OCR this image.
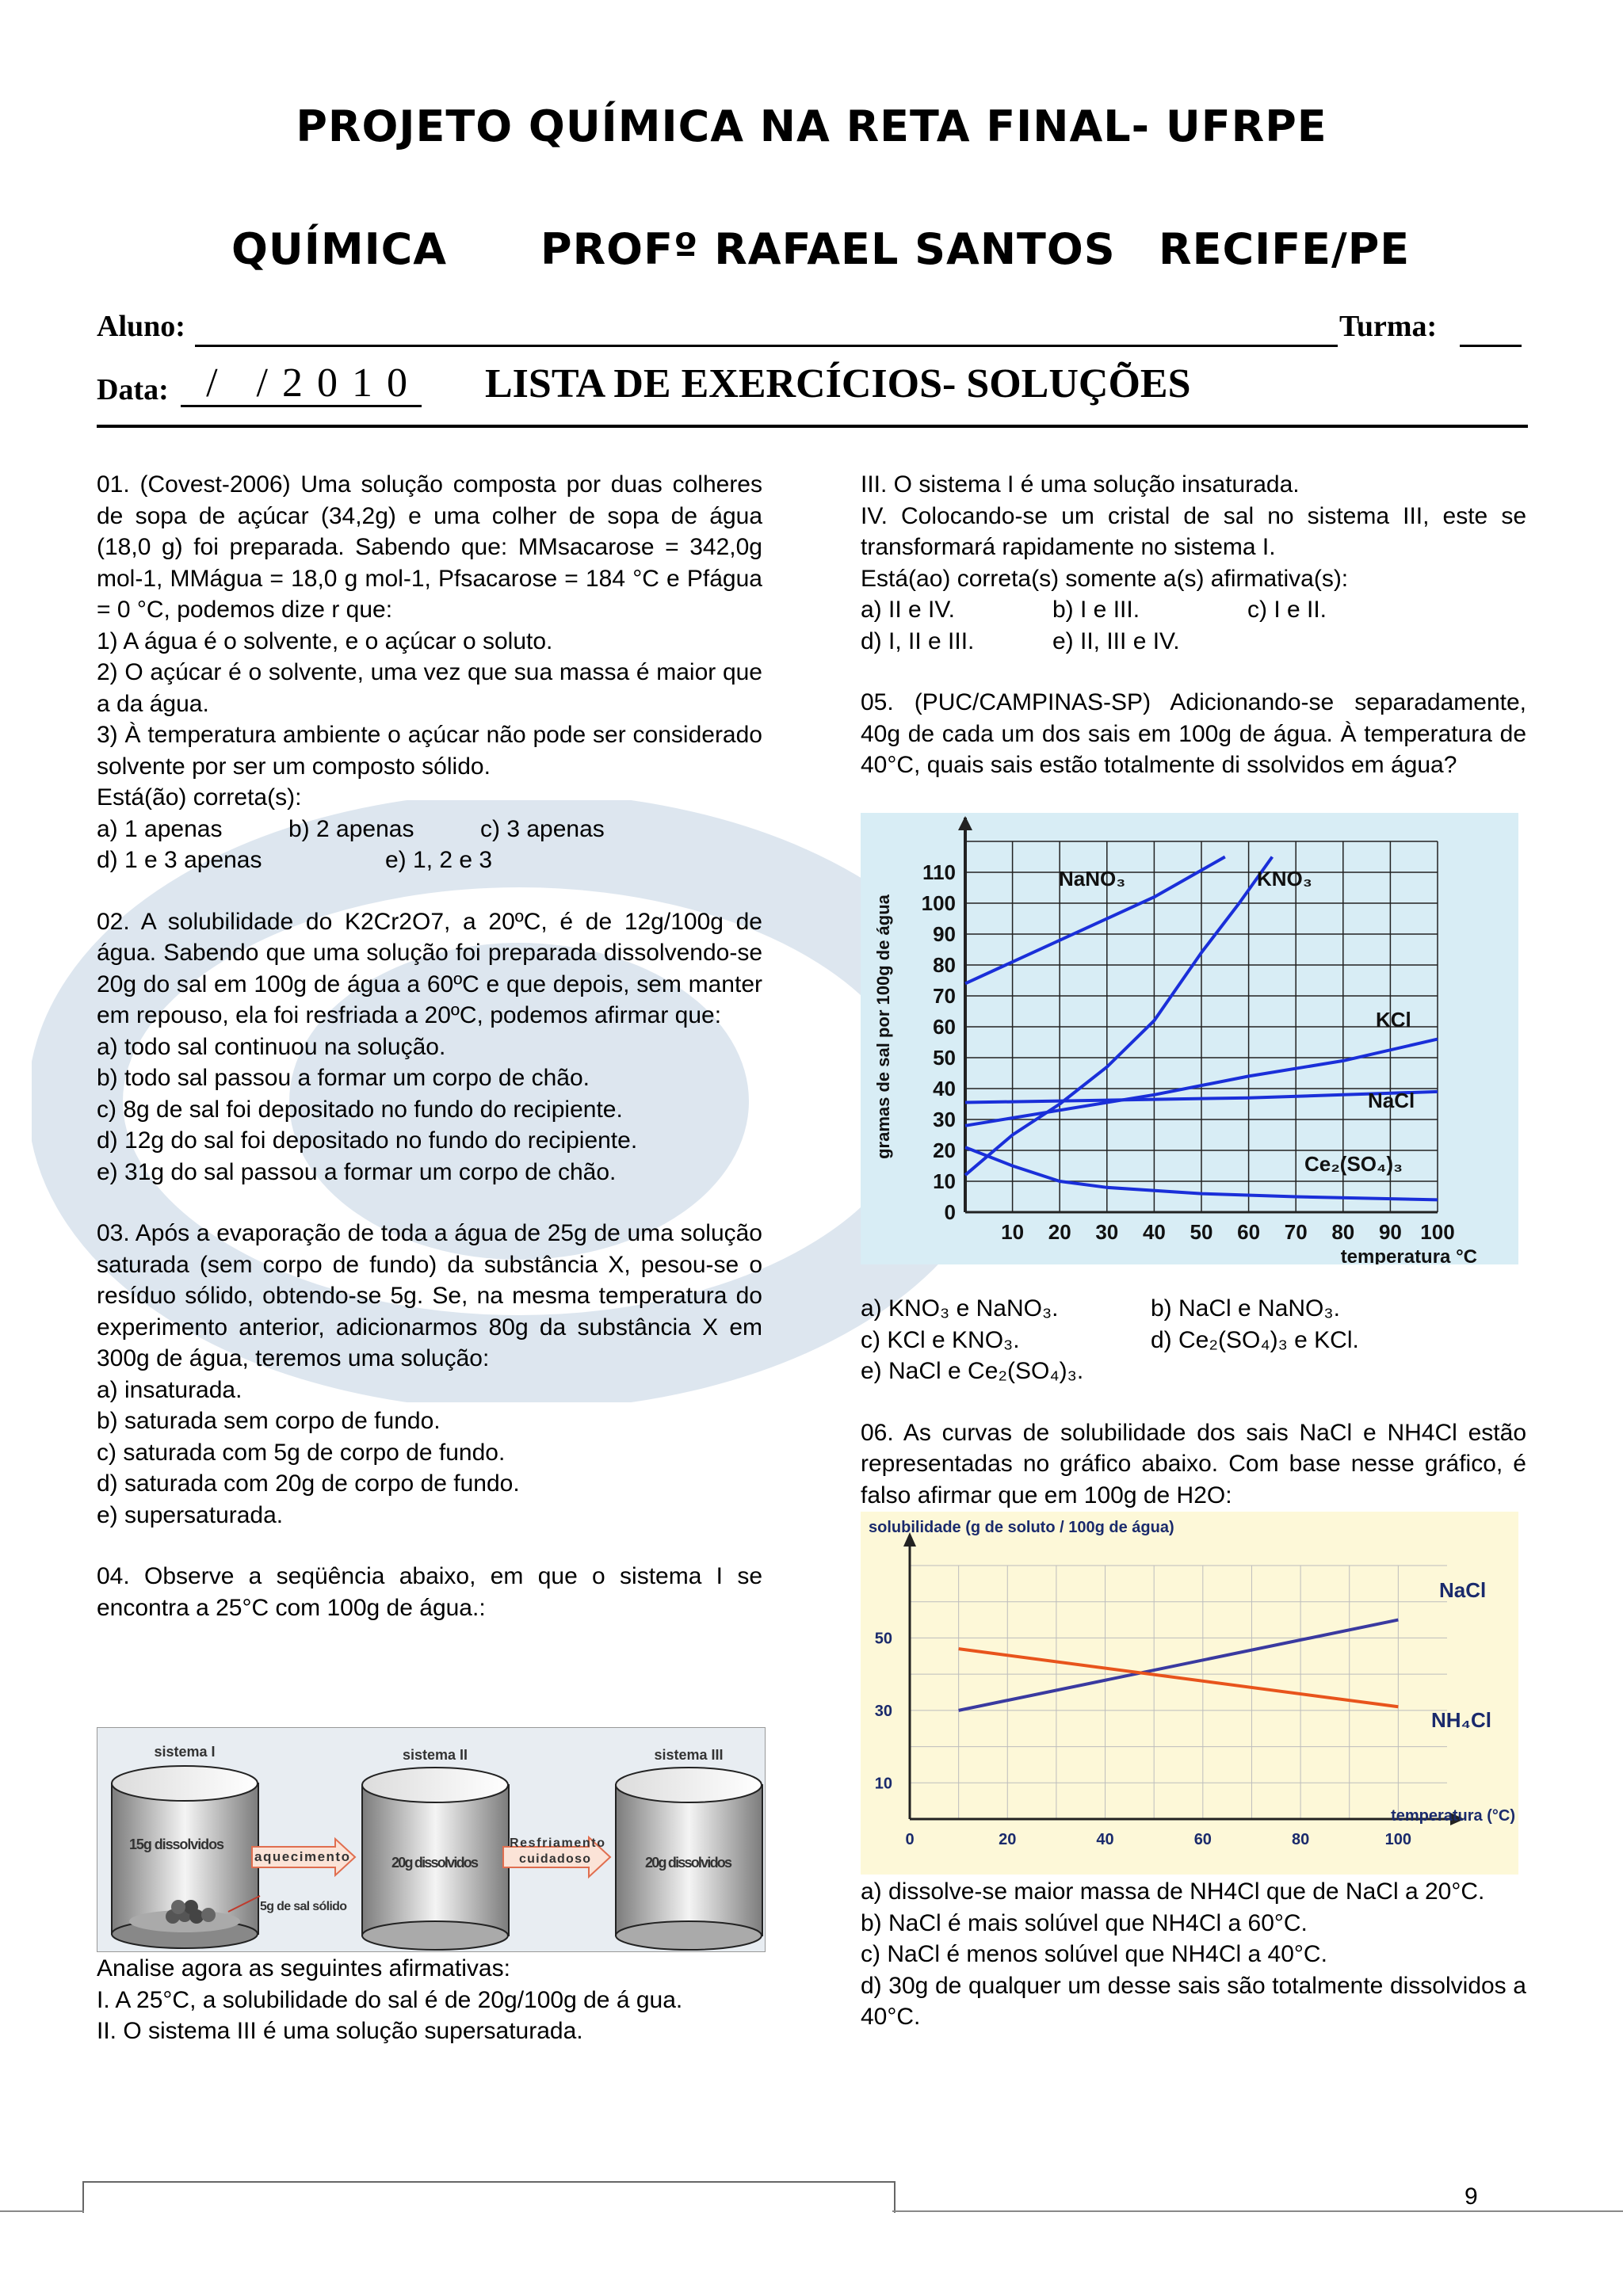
PROJETO QUÍMICA NA RETA FINAL- UFRPE
QUÍMICA PROFº RAFAEL SANTOS RECIFE/PE
Aluno:	Turma:
Data: / /2010 LISTA DE EXERCÍCIOS- SOLUÇÕES

01. (Covest-2006) Uma solução composta por duas colheres de sopa de açúcar (34,2g) e uma colher de sopa de água (18,0 g) foi preparada. Sabendo que: MMsacarose = 342,0g mol-1, MMágua = 18,0 g mol-1, Pfsacarose = 184 °C e Pfágua = 0 °C, podemos dize r que:

1) A água é o solvente, e o açúcar o soluto.

2) O açúcar é o solvente, uma vez que sua massa é maior que a da água.

3) À temperatura ambiente o açúcar não pode ser considerado solvente por ser um composto sólido.

Está(ão) correta(s):

a) 1 apenas	b) 2 apenas	c) 3 apenas
d) 1 e 3 apenas	e) 1, 2 e 3

02. A solubilidade do K2Cr2O7, a 20ºC, é de 12g/100g de água. Sabendo que uma solução foi preparada dissolvendo-se 20g do sal em 100g de água a 60ºC e que depois, sem manter em repouso, ela foi resfriada a 20ºC, podemos afirmar que:

a) todo sal continuou na solução.

b) todo sal passou a formar um corpo de chão.

c) 8g de sal foi depositado no fundo do recipiente.

d) 12g do sal foi depositado no fundo do recipiente.

e) 31g do sal passou a formar um corpo de chão.

03. Após a evaporação de toda a água de 25g de uma solução saturada (sem corpo de fundo) da substância X, pesou-se o resíduo sólido, obtendo-se 5g. Se, na mesma temperatura do experimento anterior, adicionarmos 80g da substância X em 300g de água, teremos uma solução:

a) insaturada.

b) saturada sem corpo de fundo.

c) saturada com 5g de corpo de fundo.

d) saturada com 20g de corpo de fundo.

e) supersaturada.

04. Observe a seqüência abaixo, em que o sistema I se encontra a 25°C com 100g de água.:

sistema I	sistema II	sistema III
15g dissolvidos
20g dissolvidos	20g dissolvidos
aquecimento
Resfriamento
cuidadoso
5g de sal sólido

Analise agora as seguintes afirmativas:

I. A 25°C, a solubilidade do sal é de 20g/100g de á gua.

II. O sistema III é uma solução supersaturada.

III. O sistema I é uma solução insaturada.

IV. Colocando-se um cristal de sal no sistema III, este se transformará rapidamente no sistema I.

Está(ao) correta(s) somente a(s) afirmativa(s):

a) II e IV.	b) I e III.	c) I e II.
d) I, II e III.	e) II, III e IV.

05. (PUC/CAMPINAS-SP) Adicionando-se separadamente, 40g de cada um dos sais em 100g de água. À temperatura de 40°C, quais sais estão totalmente di ssolvidos em água?

0
10
20
30
40
50
60
70
80
90
100
110
10 20 30 40 50 60 70 80 90 100
gramas de sal por 100g de água
temperatura °C
NaNO₃	KNO₃
KCl
NaCl
Ce₂(SO₄)₃
a) KNO₃ e NaNO₃.	b) NaCl e NaNO₃.
c) KCl e KNO₃.	d) Ce₂(SO₄)₃ e KCl.

e) NaCl e Ce₂(SO₄)₃.

06. As curvas de solubilidade dos sais NaCl e NH4Cl estão representadas no gráfico abaixo. Com base nesse gráfico, é falso afirmar que em 100g de H2O:

10
30
50
0	20	40	60	80	100
solubilidade (g de soluto / 100g de água)
temperatura (°C)
NaCl
NH₄Cl

a) dissolve-se maior massa de NH4Cl que de NaCl a 20°C.

b) NaCl é mais solúvel que NH4Cl a 60°C.

c) NaCl é menos solúvel que NH4Cl a 40°C.

d) 30g de qualquer um desse sais são totalmente dissolvidos a 40°C.

9
